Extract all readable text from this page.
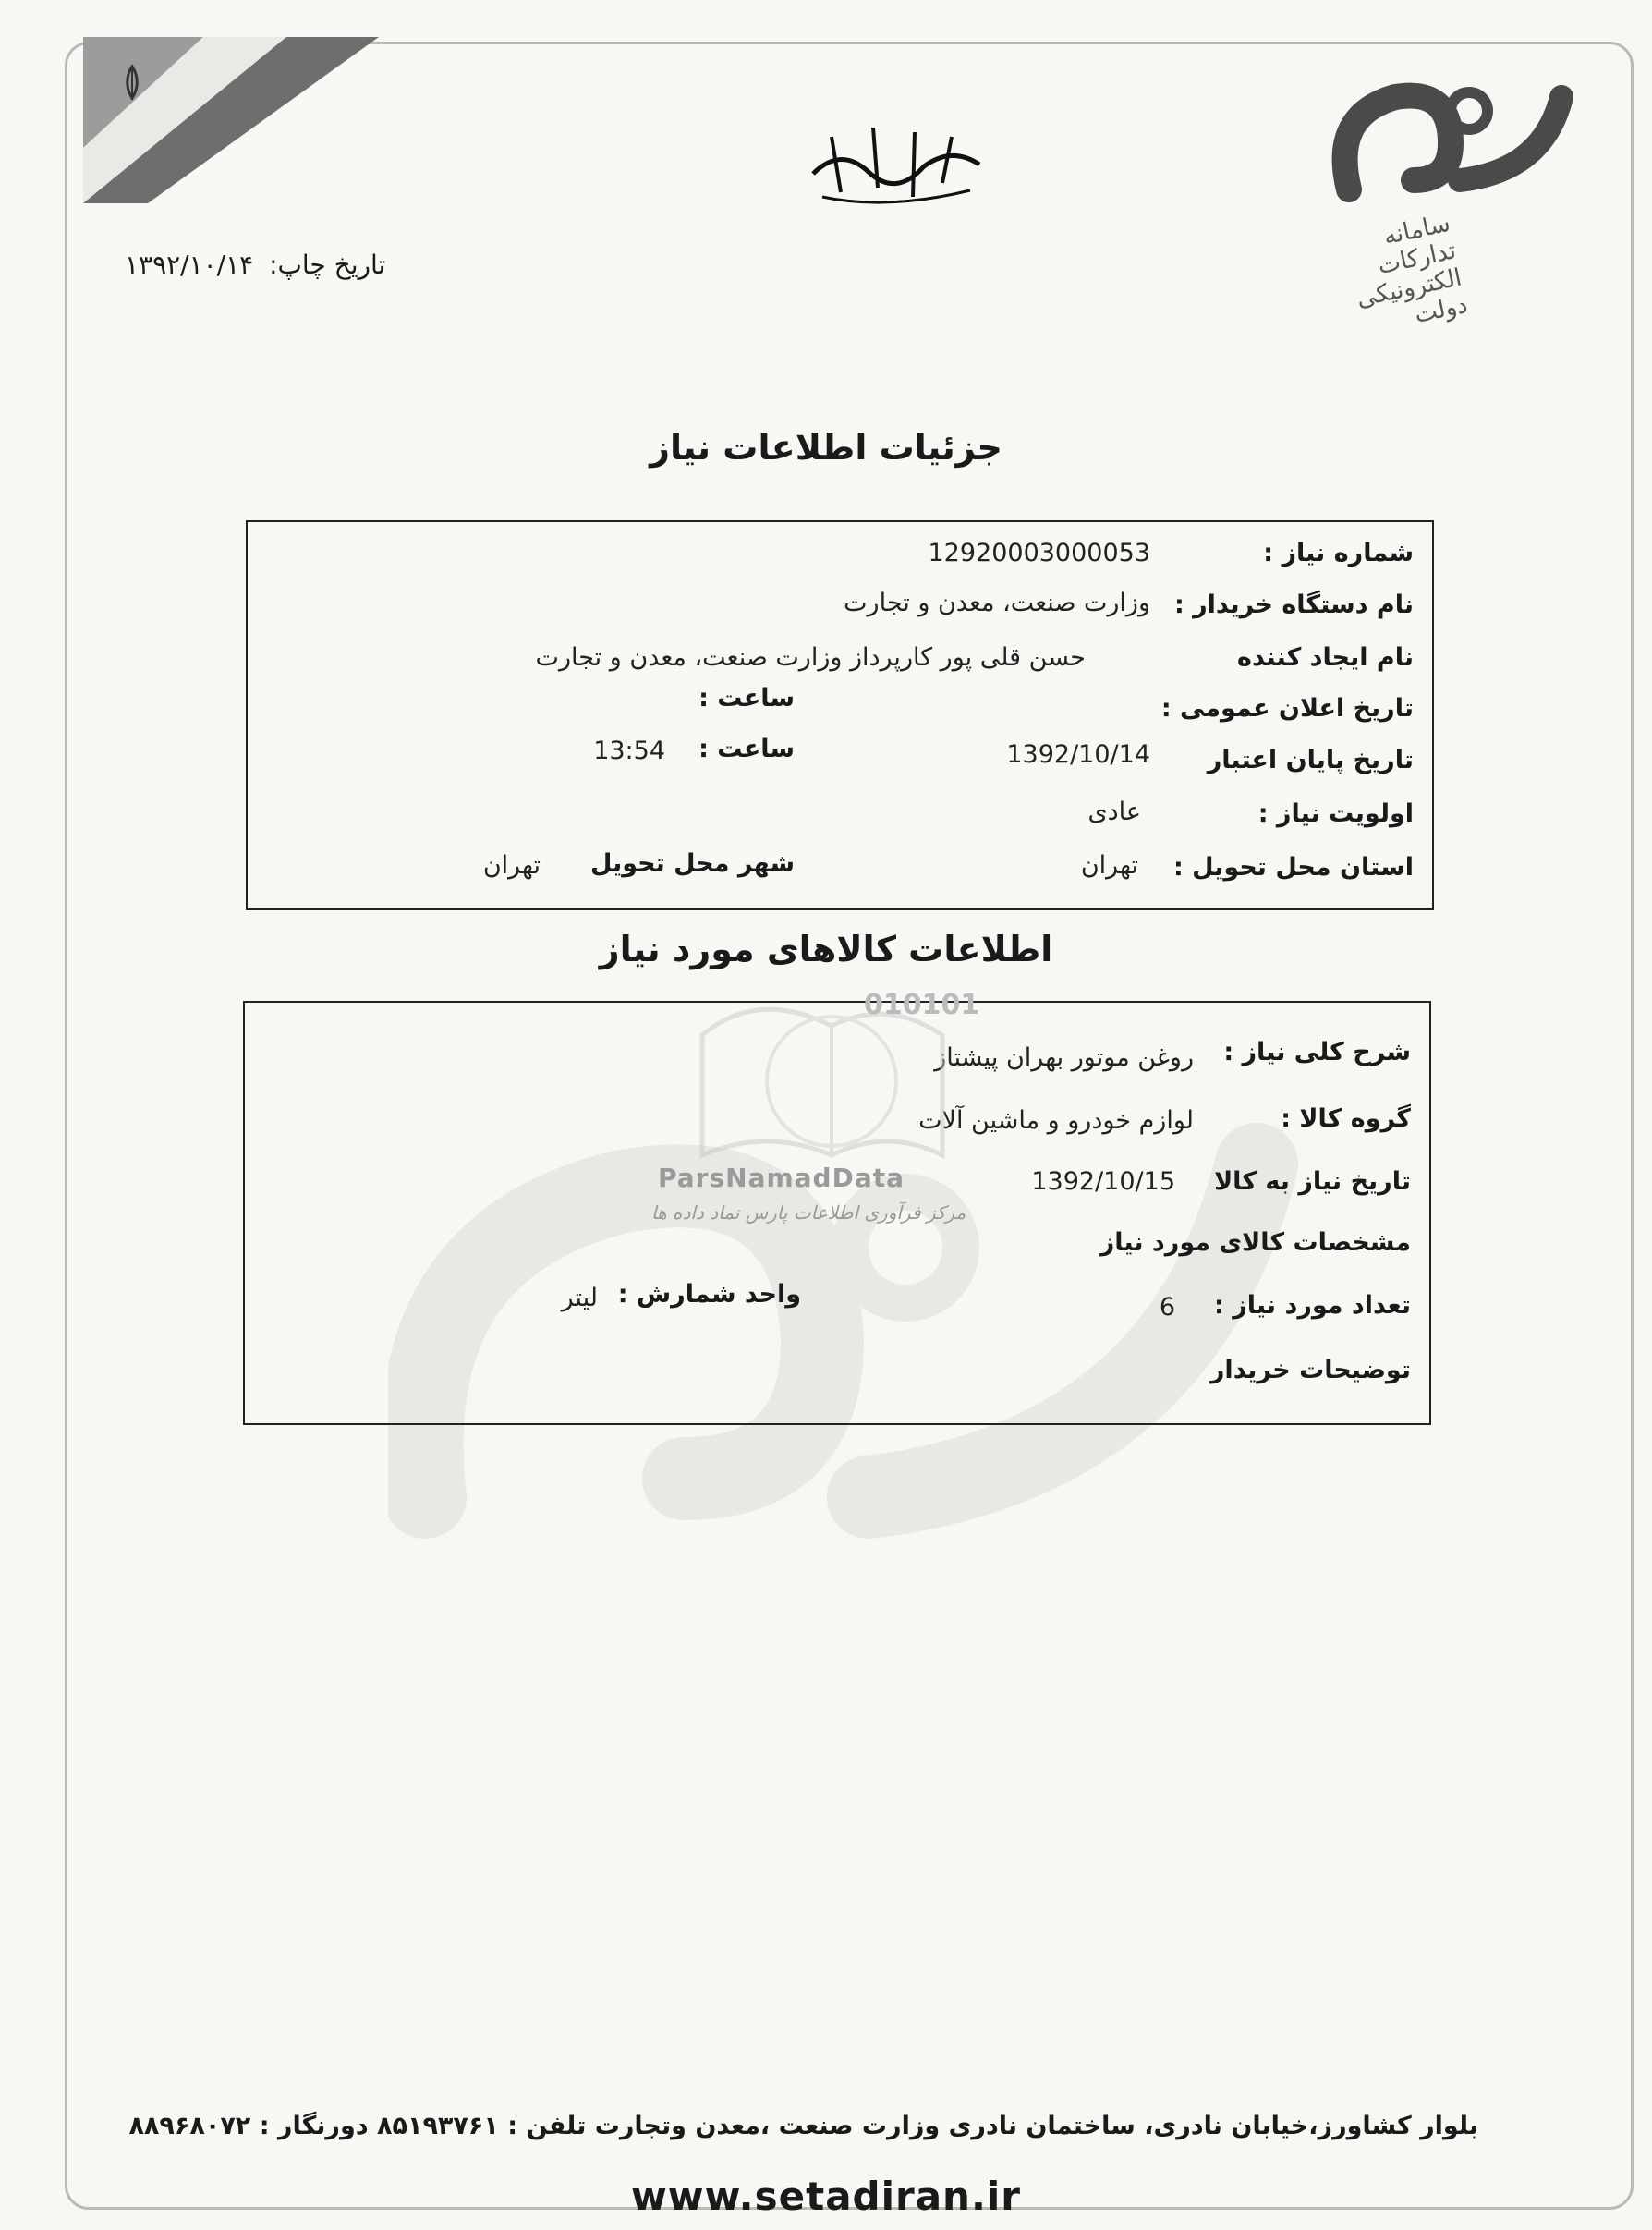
سامانه تدارکات الکترونیکی دولت
تاریخ چاپ: ۱۳۹۲/۱۰/۱۴
جزئیات اطلاعات نیاز
شماره نیاز :
12920003000053
نام دستگاه خریدار :
وزارت صنعت، معدن و تجارت
نام ایجاد کننده
حسن قلی پور کارپرداز وزارت صنعت، معدن و تجارت
تاریخ اعلان عمومی :
ساعت :
تاریخ پایان اعتبار
1392/10/14
ساعت :
13:54
اولویت نیاز :
عادی
استان محل تحویل :
تهران
شهر محل تحویل
تهران
اطلاعات کالاهای مورد نیاز
شرح کلی نیاز :
روغن موتور بهران پیشتاز
گروه کالا :
لوازم خودرو و ماشین آلات
تاریخ نیاز به کالا
1392/10/15
مشخصات کالای مورد نیاز
تعداد مورد نیاز :
6
واحد شمارش :
لیتر
توضیحات خریدار
010101
ParsNamadData
مرکز فرآوری اطلاعات پارس نماد داده ها
بلوار کشاورز،خیابان نادری، ساختمان نادری وزارت صنعت ،معدن وتجارت تلفن : ۸۵۱۹۳۷۶۱ دورنگار : ۸۸۹۶۸۰۷۲
www.setadiran.ir
